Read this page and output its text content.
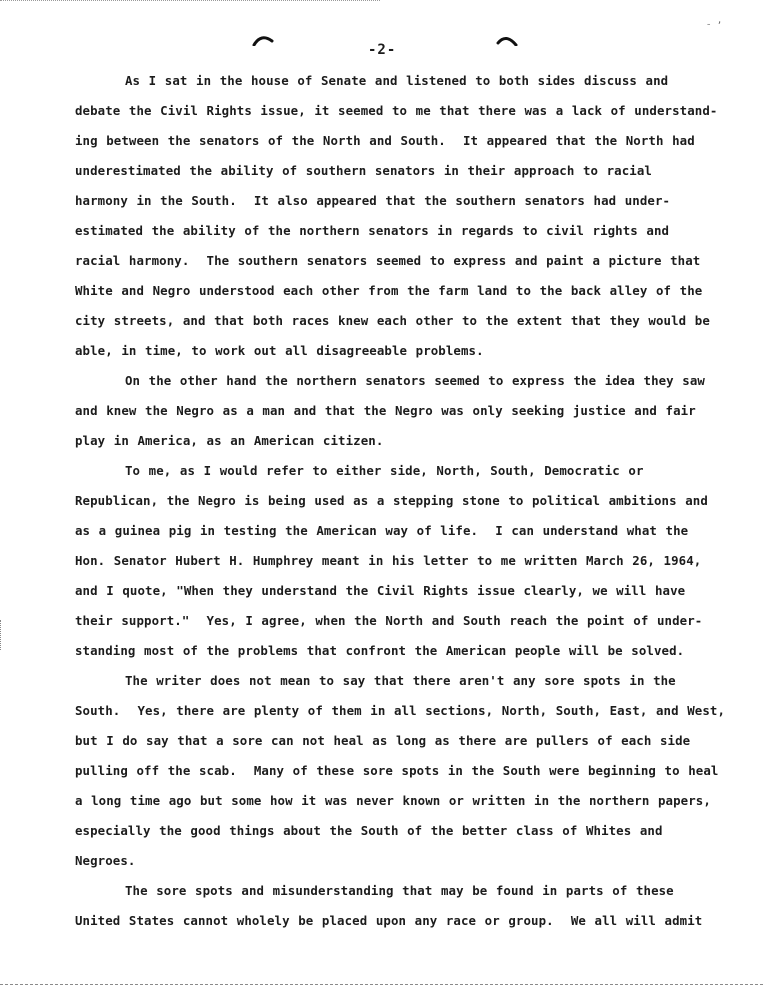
-2-
ˍ ,
As I sat in the house of Senate and listened to both sides discuss and
debate the Civil Rights issue, it seemed to me that there was a lack of understand-
ing between the senators of the North and South.  It appeared that the North had
underestimated the ability of southern senators in their approach to racial
harmony in the South.  It also appeared that the southern senators had under-
estimated the ability of the northern senators in regards to civil rights and
racial harmony.  The southern senators seemed to express and paint a picture that
White and Negro understood each other from the farm land to the back alley of the
city streets, and that both races knew each other to the extent that they would be
able, in time, to work out all disagreeable problems.
On the other hand the northern senators seemed to express the idea they saw
and knew the Negro as a man and that the Negro was only seeking justice and fair
play in America, as an American citizen.
To me, as I would refer to either side, North, South, Democratic or
Republican, the Negro is being used as a stepping stone to political ambitions and
as a guinea pig in testing the American way of life.  I can understand what the
Hon. Senator Hubert H. Humphrey meant in his letter to me written March 26, 1964,
and I quote, "When they understand the Civil Rights issue clearly, we will have
their support."  Yes, I agree, when the North and South reach the point of under-
standing most of the problems that confront the American people will be solved.
The writer does not mean to say that there aren't any sore spots in the
South.  Yes, there are plenty of them in all sections, North, South, East, and West,
but I do say that a sore can not heal as long as there are pullers of each side
pulling off the scab.  Many of these sore spots in the South were beginning to heal
a long time ago but some how it was never known or written in the northern papers,
especially the good things about the South of the better class of Whites and
Negroes.
The sore spots and misunderstanding that may be found in parts of these
United States cannot wholely be placed upon any race or group.  We all will admit
